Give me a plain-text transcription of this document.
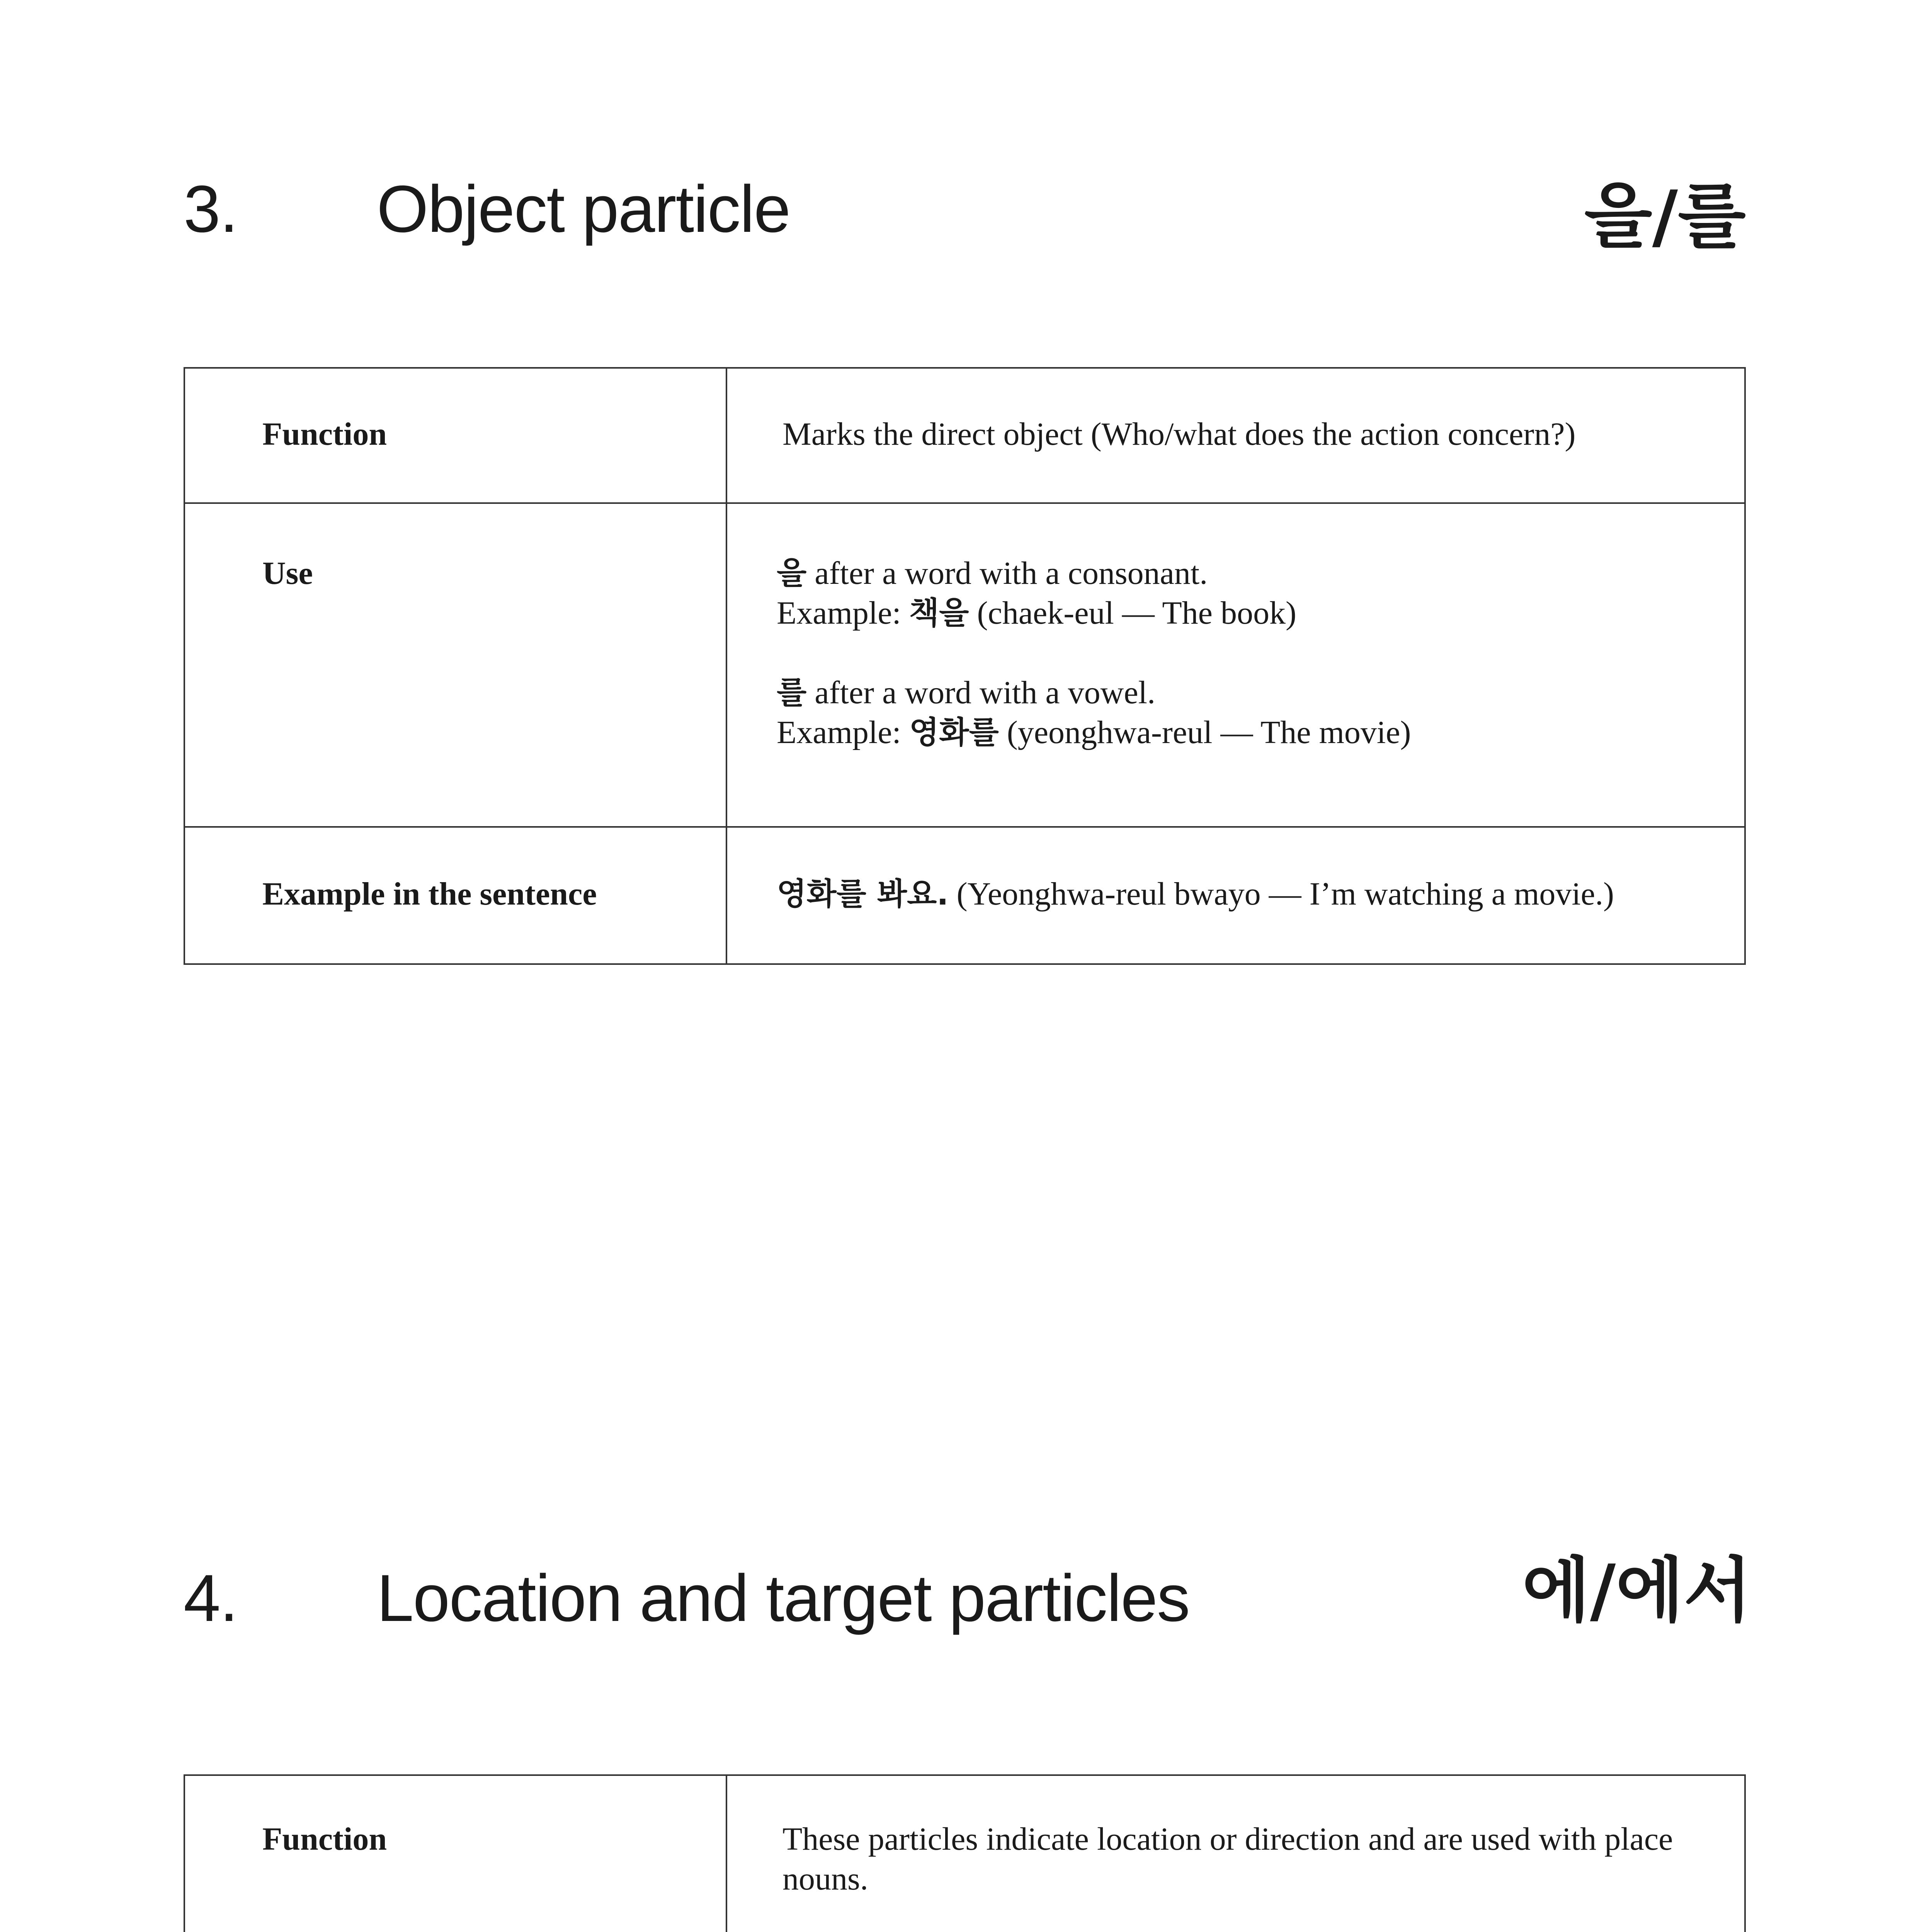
3. Object particle	을/를
Function	Marks the direct object (Who/what does the action concern?)
Use	을 after a word with a consonant.
Example: 책을 (chaek-eul — The book)
를 after a word with a vowel.
Example: 영화를 (yeonghwa-reul — The movie)

Example in the sentence	영화를 봐요. (Yeonghwa-reul bwayo — I’m watching a movie.)
4. Location and target particles	에/에서
Function	These particles indicate location or direction and are used with place nouns.
